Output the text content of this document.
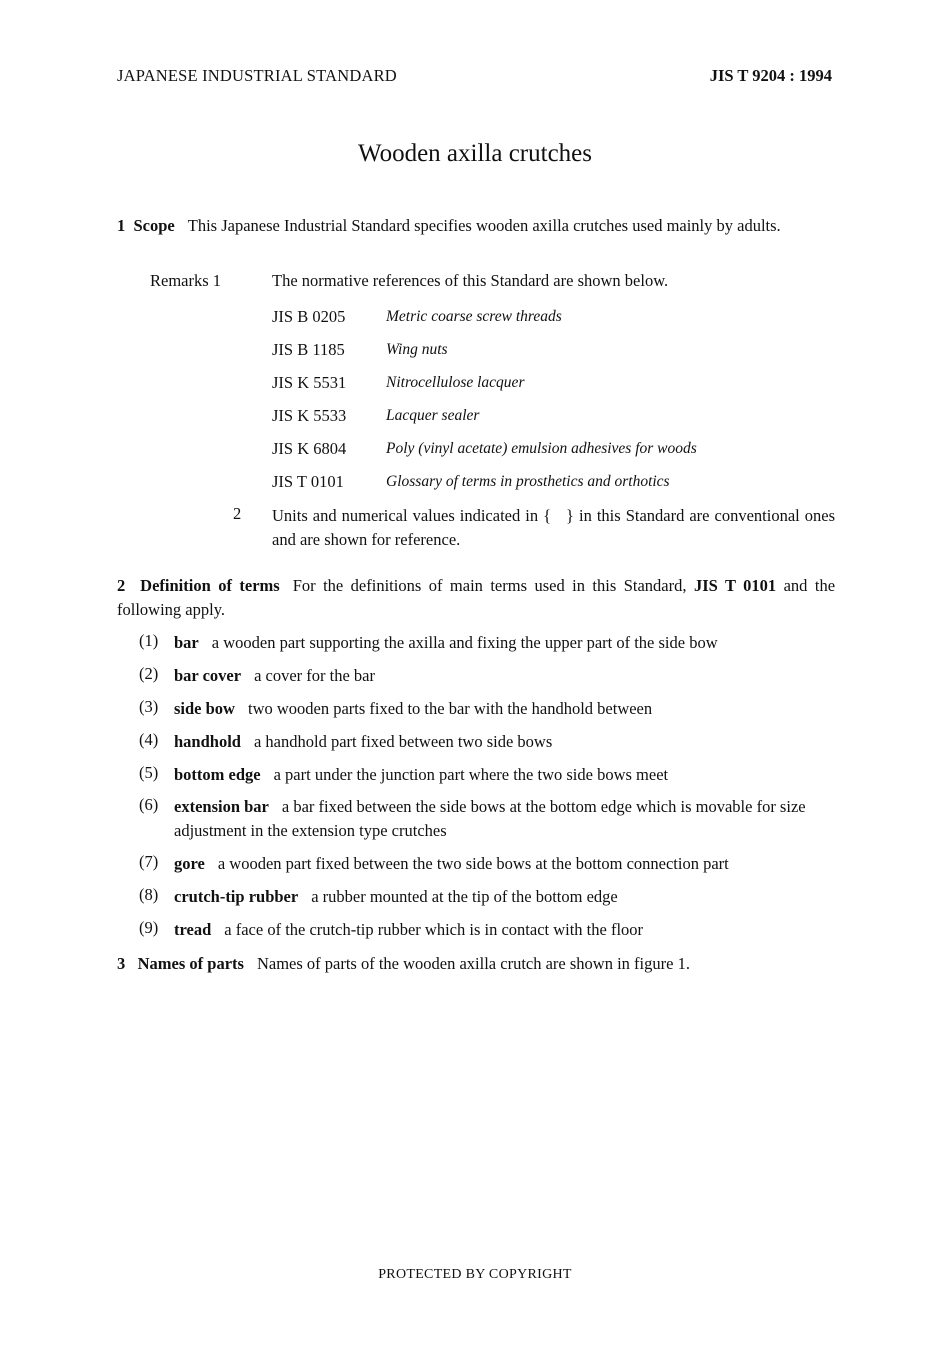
JAPANESE INDUSTRIAL STANDARD	JIS T 9204 : 1994
Wooden axilla crutches
1 Scope This Japanese Industrial Standard specifies wooden axilla crutches used mainly by adults.
Remarks 1	The normative references of this Standard are shown below.
JIS B 0205	Metric coarse screw threads
JIS B 1185	Wing nuts
JIS K 5531	Nitrocellulose lacquer
JIS K 5533	Lacquer sealer
JIS K 6804	Poly (vinyl acetate) emulsion adhesives for woods
JIS T 0101	Glossary of terms in prosthetics and orthotics
2 Units and numerical values indicated in {   } in this Standard are conventional ones and are shown for reference.
2 Definition of terms For the definitions of main terms used in this Standard, JIS T 0101 and the following apply.
(1) bar a wooden part supporting the axilla and fixing the upper part of the side bow
(2) bar cover a cover for the bar
(3) side bow two wooden parts fixed to the bar with the handhold between
(4) handhold a handhold part fixed between two side bows
(5) bottom edge a part under the junction part where the two side bows meet
(6) extension bar a bar fixed between the side bows at the bottom edge which is movable for size adjustment in the extension type crutches
(7) gore a wooden part fixed between the two side bows at the bottom connection part
(8) crutch-tip rubber a rubber mounted at the tip of the bottom edge
(9) tread a face of the crutch-tip rubber which is in contact with the floor
3 Names of parts Names of parts of the wooden axilla crutch are shown in figure 1.
PROTECTED BY COPYRIGHT
